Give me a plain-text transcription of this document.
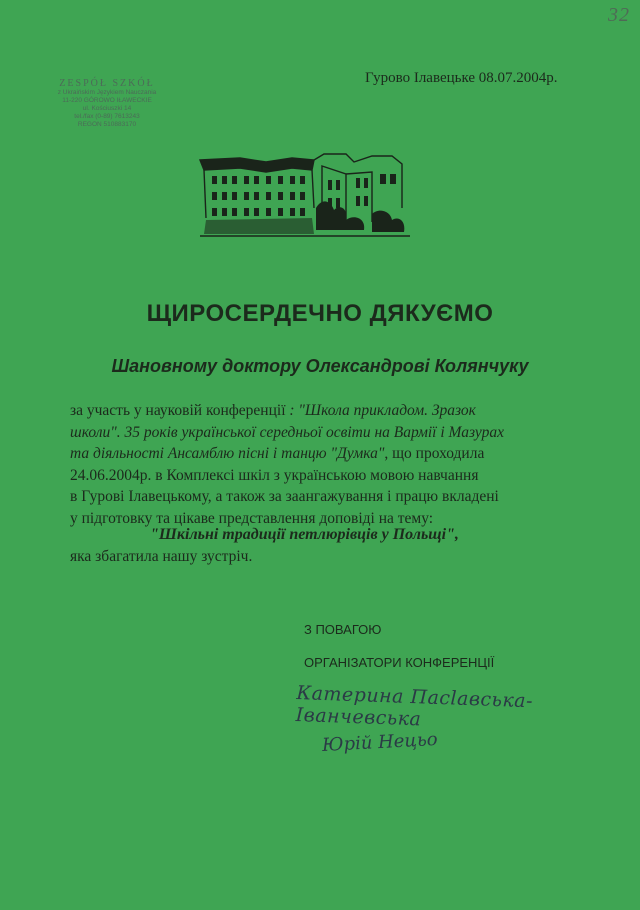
32
ZESPÓŁ SZKÓŁ
z Ukraińskim Językiem Nauczania
11-220 GÓROWO IŁAWECKIE
ul. Kościuszki 14
tel./fax (0-89) 7613243
REGON 510883170
Гурово Ілавецьке 08.07.2004р.
ЩИРОСЕРДЕЧНО ДЯКУЄМО
Шановному доктору Олександрові Колянчуку

за участь у науковій конференції : "Школа прикладом. Зразок

школи". 35 років української середньої освіти на Вармії і Мазурах

та діяльності Ансамблю пісні і танцю "Думка", що проходила

24.06.2004р. в Комплексі шкіл з українською мовою навчання

в Гурові Ілавецькому, а також за заангажування і працю вкладені

у підготовку та цікаве представлення доповіді на тему:

"Шкільні традиції петлюрівців у Польщі",
яка збагатила нашу зустріч.
З ПОВАГОЮ
ОРГАНІЗАТОРИ КОНФЕРЕНЦІЇ
Катерина Пасlавська-Іванчевська
Юрій Нецьо
